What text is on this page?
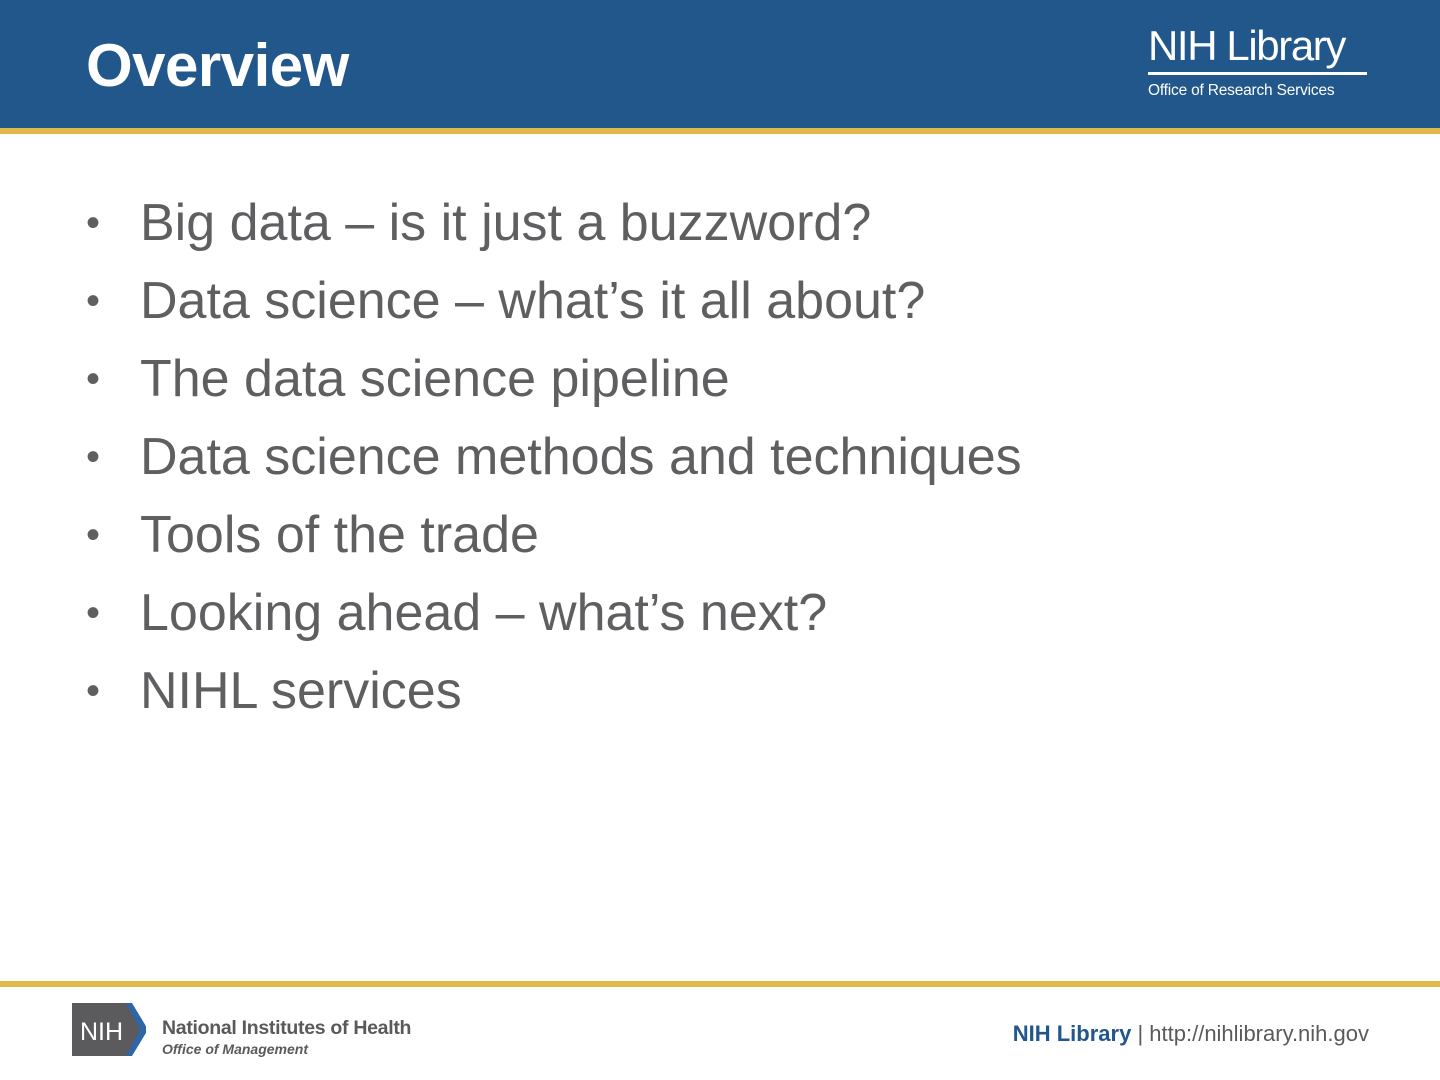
Overview	NIH Library
Office of Research Services
• Big data – is it just a buzzword?
• Data science – what’s it all about?
• The data science pipeline
• Data science methods and techniques
• Tools of the trade
• Looking ahead – what’s next?
• NIHL services
NIH National Institutes of Health
Office of Management
NIH Library | http://nihlibrary.nih.gov
